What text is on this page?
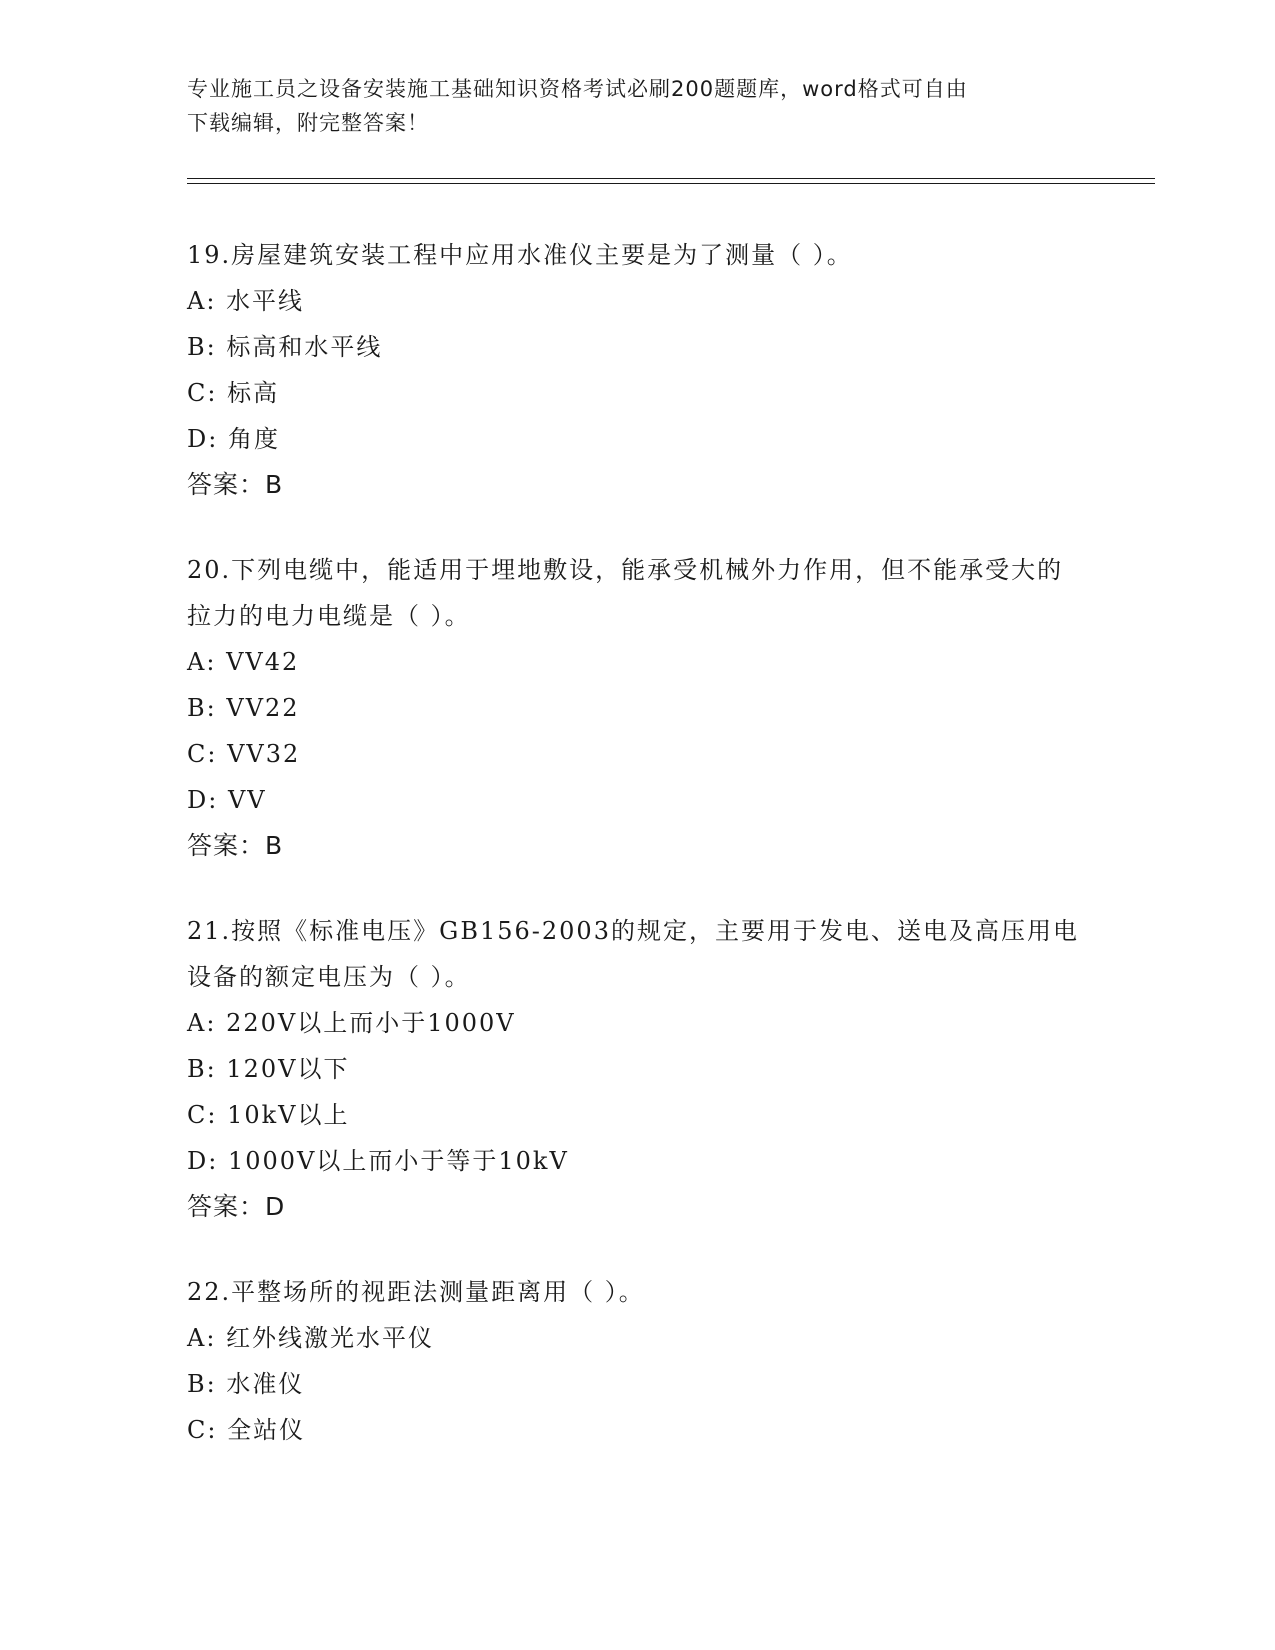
专业施工员之设备安装施工基础知识资格考试必刷200题题库，word格式可自由
下载编辑，附完整答案！
19.房屋建筑安装工程中应用水准仪主要是为了测量（ ）。
A: 水平线
B: 标高和水平线
C: 标高
D: 角度
答案：B
20.下列电缆中，能适用于埋地敷设，能承受机械外力作用，但不能承受大的拉力的电力电缆是（ ）。
A: VV42
B: VV22
C: VV32
D: VV
答案：B
21.按照《标准电压》GB156-2003的规定，主要用于发电、送电及高压用电设备的额定电压为（ ）。
A: 220V以上而小于1000V
B: 120V以下
C: 10kV以上
D: 1000V以上而小于等于10kV
答案：D
22.平整场所的视距法测量距离用（ ）。
A: 红外线激光水平仪
B: 水准仪
C: 全站仪
